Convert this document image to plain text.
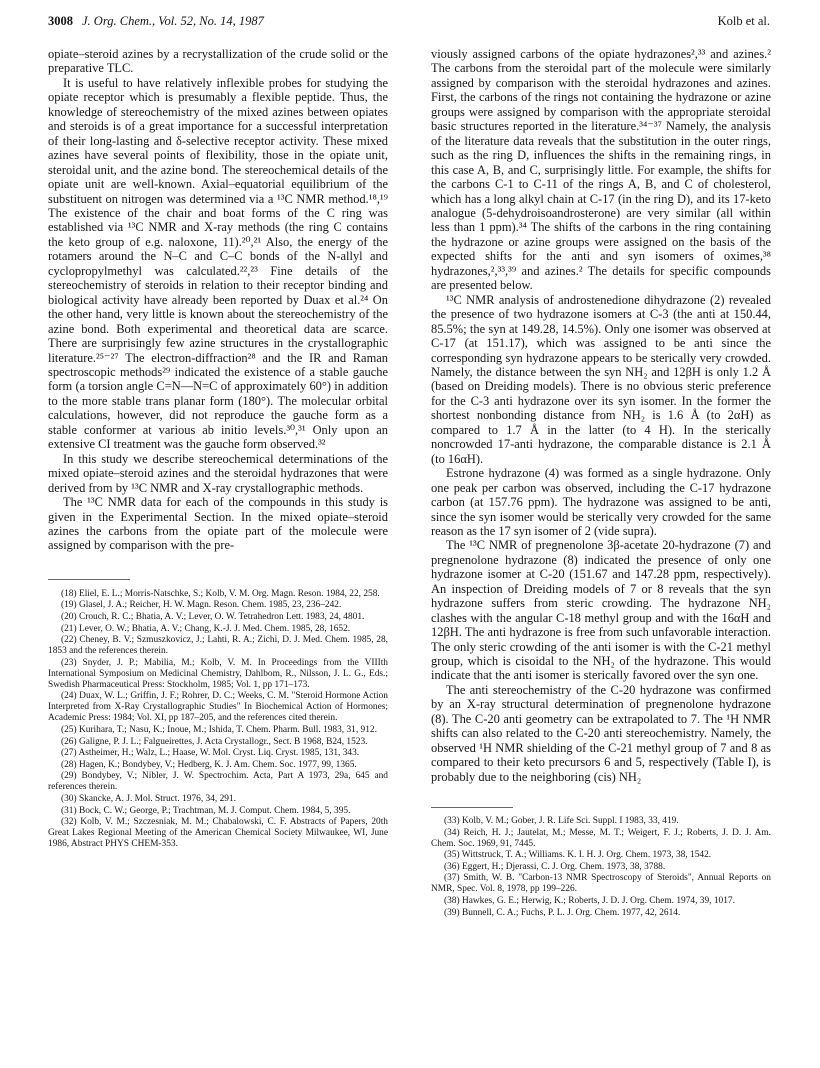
3008 J. Org. Chem., Vol. 52, No. 14, 1987	Kolb et al.

opiate–steroid azines by a recrystallization of the crude solid or the preparative TLC.

It is useful to have relatively inflexible probes for studying the opiate receptor which is presumably a flexible peptide. Thus, the knowledge of stereochemistry of the mixed azines between opiates and steroids is of a great importance for a successful interpretation of their long-lasting and δ-selective receptor activity. These mixed azines have several points of flexibility, those in the opiate unit, steroidal unit, and the azine bond. The stereochemical details of the opiate unit are well-known. Axial–equatorial equilibrium of the substituent on nitrogen was determined via a ¹³C NMR method.¹⁸,¹⁹ The existence of the chair and boat forms of the C ring was established via ¹³C NMR and X-ray methods (the ring C contains the keto group of e.g. naloxone, 11).²⁰,²¹ Also, the energy of the rotamers around the N–C and C–C bonds of the N-allyl and cyclopropylmethyl was calculated.²²,²³ Fine details of the stereochemistry of steroids in relation to their receptor binding and biological activity have already been reported by Duax et al.²⁴ On the other hand, very little is known about the stereochemistry of the azine bond. Both experimental and theoretical data are scarce. There are surprisingly few azine structures in the crystallographic literature.²⁵⁻²⁷ The electron-diffraction²⁸ and the IR and Raman spectroscopic methods²⁹ indicated the existence of a stable gauche form (a torsion angle C=N—N=C of approximately 60°) in addition to the more stable trans planar form (180°). The molecular orbital calculations, however, did not reproduce the gauche form as a stable conformer at various ab initio levels.³⁰,³¹ Only upon an extensive CI treatment was the gauche form observed.³²

In this study we describe stereochemical determinations of the mixed opiate–steroid azines and the steroidal hydrazones that were derived from by ¹³C NMR and X-ray crystallographic methods.

The ¹³C NMR data for each of the compounds in this study is given in the Experimental Section. In the mixed opiate–steroid azines the carbons from the opiate part of the molecule were assigned by comparison with the pre-

(18) Eliel, E. L.; Morris-Natschke, S.; Kolb, V. M. Org. Magn. Reson. 1984, 22, 258.

(19) Glasel, J. A.; Reicher, H. W. Magn. Reson. Chem. 1985, 23, 236–242.

(20) Crouch, R. C.; Bhatia, A. V.; Lever, O. W. Tetrahedron Lett. 1983, 24, 4801.

(21) Lever, O. W.; Bhatia, A. V.; Chang, K.-J. J. Med. Chem. 1985, 28, 1652.

(22) Cheney, B. V.; Szmuszkovicz, J.; Lahti, R. A.; Zichi, D. J. Med. Chem. 1985, 28, 1853 and the references therein.

(23) Snyder, J. P.; Mabilia, M.; Kolb, V. M. In Proceedings from the VIIIth International Symposium on Medicinal Chemistry, Dahlbom, R., Nilsson, J. L. G., Eds.; Swedish Pharmaceutical Press: Stockholm, 1985; Vol. 1, pp 171–173.

(24) Duax, W. L.; Griffin, J. F.; Rohrer, D. C.; Weeks, C. M. "Steroid Hormone Action Interpreted from X-Ray Crystallographic Studies" In Biochemical Action of Hormones; Academic Press: 1984; Vol. XI, pp 187–205, and the references cited therein.

(25) Kurihara, T.; Nasu, K.; Inoue, M.; Ishida, T. Chem. Pharm. Bull. 1983, 31, 912.

(26) Galigne, P. J. L.; Falgueirettes, J. Acta Crystallogr., Sect. B 1968, B24, 1523.

(27) Astheimer, H.; Walz, L.; Haase, W. Mol. Cryst. Liq. Cryst. 1985, 131, 343.

(28) Hagen, K.; Bondybey, V.; Hedberg, K. J. Am. Chem. Soc. 1977, 99, 1365.

(29) Bondybey, V.; Nibler, J. W. Spectrochim. Acta, Part A 1973, 29a, 645 and references therein.

(30) Skancke, A. J. Mol. Struct. 1976, 34, 291.

(31) Bock, C. W.; George, P.; Trachtman, M. J. Comput. Chem. 1984, 5, 395.

(32) Kolb, V. M.; Szczesniak, M. M.; Chabalowski, C. F. Abstracts of Papers, 20th Great Lakes Regional Meeting of the American Chemical Society Milwaukee, WI, June 1986, Abstract PHYS CHEM-353.

viously assigned carbons of the opiate hydrazones²,³³ and azines.² The carbons from the steroidal part of the molecule were similarly assigned by comparison with the steroidal hydrazones and azines. First, the carbons of the rings not containing the hydrazone or azine groups were assigned by comparison with the appropriate steroidal basic structures reported in the literature.³⁴⁻³⁷ Namely, the analysis of the literature data reveals that the substitution in the outer rings, such as the ring D, influences the shifts in the remaining rings, in this case A, B, and C, surprisingly little. For example, the shifts for the carbons C-1 to C-11 of the rings A, B, and C of cholesterol, which has a long alkyl chain at C-17 (in the ring D), and its 17-keto analogue (5-dehydroisoandrosterone) are very similar (all within less than 1 ppm).³⁴ The shifts of the carbons in the ring containing the hydrazone or azine groups were assigned on the basis of the expected shifts for the anti and syn isomers of oximes,³⁸ hydrazones,²,³³,³⁹ and azines.² The details for specific compounds are presented below.

¹³C NMR analysis of androstenedione dihydrazone (2) revealed the presence of two hydrazone isomers at C-3 (the anti at 150.44, 85.5%; the syn at 149.28, 14.5%). Only one isomer was observed at C-17 (at 151.17), which was assigned to be anti since the corresponding syn hydrazone appears to be sterically very crowded. Namely, the distance between the syn NH₂ and 12βH is only 1.2 Å (based on Dreiding models). There is no obvious steric preference for the C-3 anti hydrazone over its syn isomer. In the former the shortest nonbonding distance from NH₂ is 1.6 Å (to 2αH) as compared to 1.7 Å in the latter (to 4 H). In the sterically noncrowded 17-anti hydrazone, the comparable distance is 2.1 Å (to 16αH).

Estrone hydrazone (4) was formed as a single hydrazone. Only one peak per carbon was observed, including the C-17 hydrazone carbon (at 157.76 ppm). The hydrazone was assigned to be anti, since the syn isomer would be sterically very crowded for the same reason as the 17 syn isomer of 2 (vide supra).

The ¹³C NMR of pregnenolone 3β-acetate 20-hydrazone (7) and pregnenolone hydrazone (8) indicated the presence of only one hydrazone isomer at C-20 (151.67 and 147.28 ppm, respectively). An inspection of Dreiding models of 7 or 8 reveals that the syn hydrazone suffers from steric crowding. The hydrazone NH₂ clashes with the angular C-18 methyl group and with the 16αH and 12βH. The anti hydrazone is free from such unfavorable interaction. The only steric crowding of the anti isomer is with the C-21 methyl group, which is cisoidal to the NH₂ of the hydrazone. This would indicate that the anti isomer is sterically favored over the syn one.

The anti stereochemistry of the C-20 hydrazone was confirmed by an X-ray structural determination of pregnenolone hydrazone (8). The C-20 anti geometry can be extrapolated to 7. The ¹H NMR shifts can also related to the C-20 anti stereochemistry. Namely, the observed ¹H NMR shielding of the C-21 methyl group of 7 and 8 as compared to their keto precursors 6 and 5, respectively (Table I), is probably due to the neighboring (cis) NH₂

(33) Kolb, V. M.; Gober, J. R. Life Sci. Suppl. I 1983, 33, 419.

(34) Reich, H. J.; Jautelat, M.; Messe, M. T.; Weigert, F. J.; Roberts, J. D. J. Am. Chem. Soc. 1969, 91, 7445.

(35) Wittstruck, T. A.; Williams. K. I. H. J. Org. Chem. 1973, 38, 1542.

(36) Eggert, H.; Djerassi, C. J. Org. Chem. 1973, 38, 3788.

(37) Smith, W. B. "Carbon-13 NMR Spectroscopy of Steroids", Annual Reports on NMR, Spec. Vol. 8, 1978, pp 199–226.

(38) Hawkes, G. E.; Herwig, K.; Roberts, J. D. J. Org. Chem. 1974, 39, 1017.

(39) Bunnell, C. A.; Fuchs, P. L. J. Org. Chem. 1977, 42, 2614.
